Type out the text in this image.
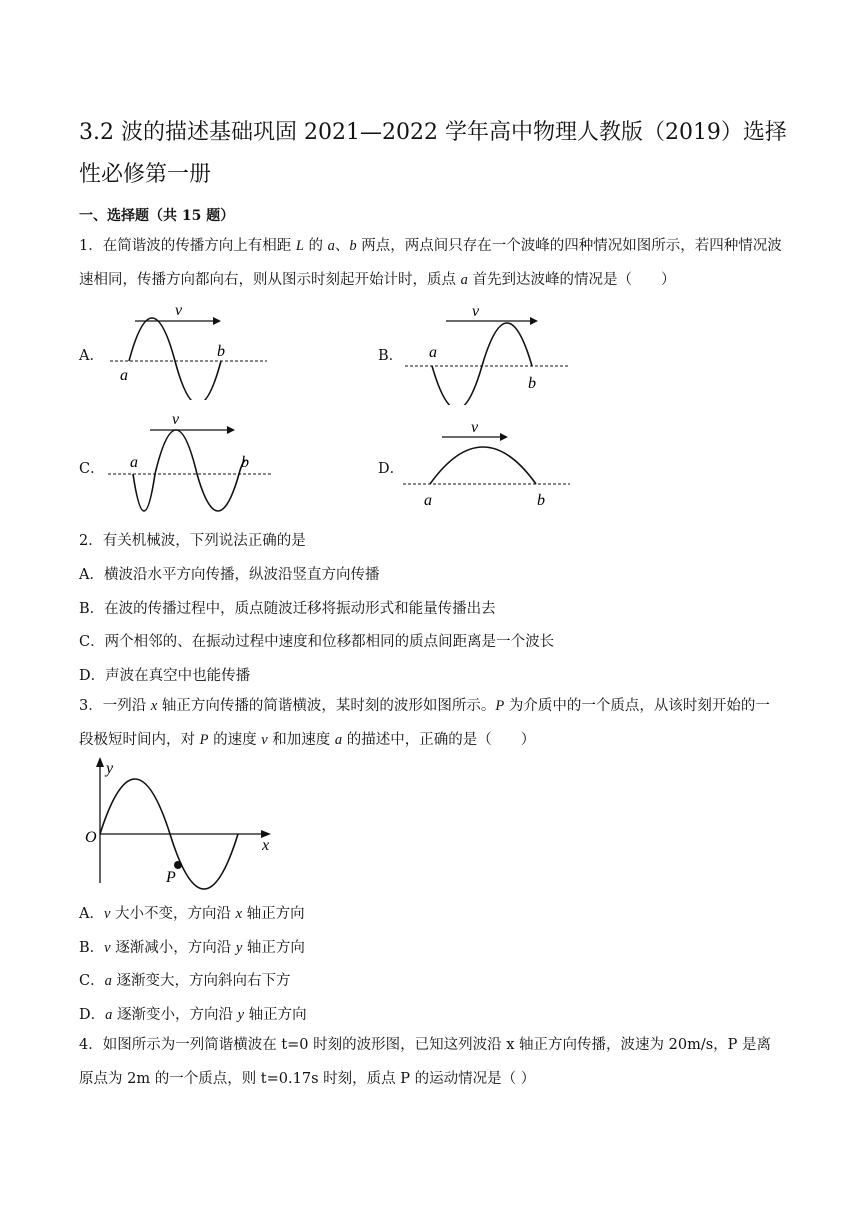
3.2 波的描述基础巩固 2021—2022 学年高中物理人教版（2019）选择性必修第一册
一、选择题（共 15 题）
1．在简谐波的传播方向上有相距 L 的 a、b 两点，两点间只存在一个波峰的四种情况如图所示，若四种情况波速相同，传播方向都向右，则从图示时刻起开始计时，质点 a 首先到达波峰的情况是（　　）
A．
v
a
b	B．
v
a
b
C．
v
a	b	D．
v
a	b
2．有关机械波，下列说法正确的是
A．横波沿水平方向传播，纵波沿竖直方向传播
B．在波的传播过程中，质点随波迁移将振动形式和能量传播出去
C．两个相邻的、在振动过程中速度和位移都相同的质点间距离是一个波长
D．声波在真空中也能传播
3．一列沿 x 轴正方向传播的简谐横波，某时刻的波形如图所示。P 为介质中的一个质点，从该时刻开始的一段极短时间内，对 P 的速度 v 和加速度 a 的描述中，正确的是（　　）
y
x
O
P
A．v 大小不变，方向沿 x 轴正方向
B．v 逐渐减小，方向沿 y 轴正方向
C．a 逐渐变大，方向斜向右下方
D．a 逐渐变小，方向沿 y 轴正方向
4．如图所示为一列简谐横波在 t=0 时刻的波形图，已知这列波沿 x 轴正方向传播，波速为 20m/s，P 是离原点为 2m 的一个质点，则 t=0.17s 时刻，质点 P 的运动情况是（ ）
